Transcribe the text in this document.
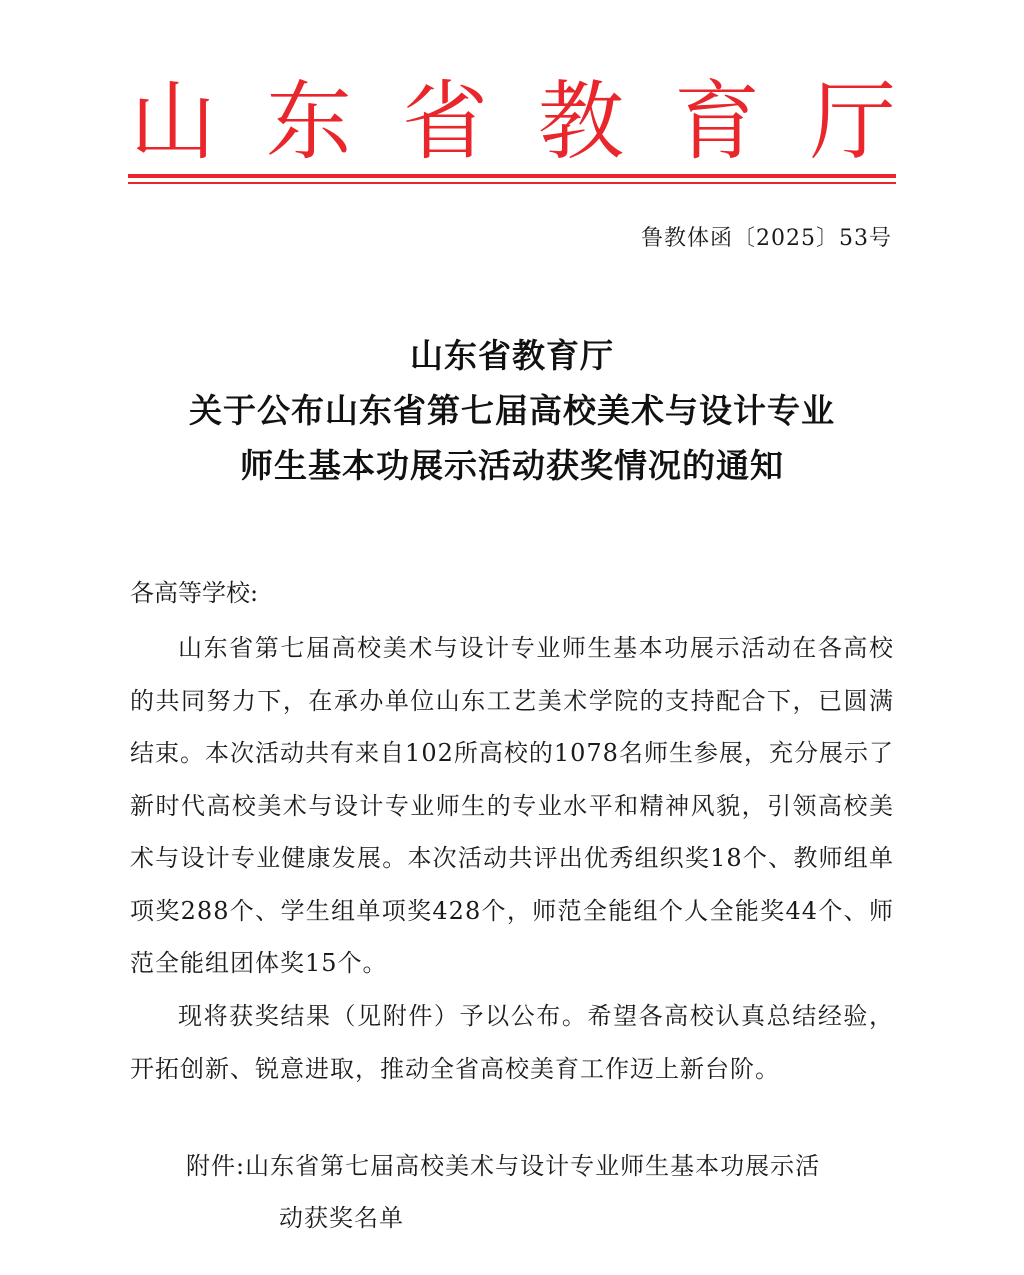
山 东 省 教 育 厅
鲁教体函〔2025〕53号
山东省教育厅
关于公布山东省第七届高校美术与设计专业
师生基本功展示活动获奖情况的通知
各高等学校:
山东省第七届高校美术与设计专业师生基本功展示活动在各高校的共同努力下，在承办单位山东工艺美术学院的支持配合下，已圆满结束。本次活动共有来自102所高校的1078名师生参展，充分展示了新时代高校美术与设计专业师生的专业水平和精神风貌，引领高校美术与设计专业健康发展。本次活动共评出优秀组织奖18个、教师组单项奖288个、学生组单项奖428个，师范全能组个人全能奖44个、师范全能组团体奖15个。
现将获奖结果（见附件）予以公布。希望各高校认真总结经验，开拓创新、锐意进取，推动全省高校美育工作迈上新台阶。
附件:山东省第七届高校美术与设计专业师生基本功展示活
动获奖名单
